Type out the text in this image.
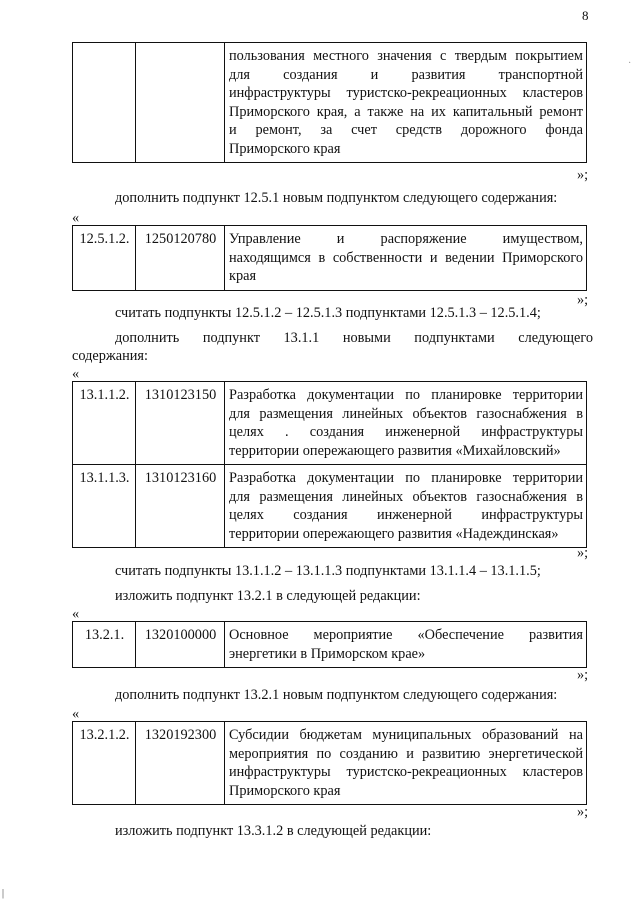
8

пользования местного значения с твердым покрытием
для создания и развития транспортной
инфраструктуры туристско-рекреационных кластеров
Приморского края, а также на их капитальный ремонт
и ремонт, за счет средств дорожного фонда
Приморского края
»;
дополнить подпункт 12.5.1 новым подпунктом следующего содержания:
«
12.5.1.2.	1250120780	Управление и распоряжение имуществом,
находящимся в собственности и ведении Приморского
края
»;
считать подпункты 12.5.1.2 – 12.5.1.3 подпунктами 12.5.1.3 – 12.5.1.4;
дополнить подпункт 13.1.1 новыми подпунктами следующего
содержания:
«
13.1.1.2.	1310123150	Разработка документации по планировке территории
для размещения линейных объектов газоснабжения в
целях . создания инженерной инфраструктуры
территории опережающего развития «Михайловский»

13.1.1.3.	1310123160	Разработка документации по планировке территории
для размещения линейных объектов газоснабжения в
целях создания инженерной инфраструктуры
территории опережающего развития «Надеждинская»
»;
считать подпункты 13.1.1.2 – 13.1.1.3 подпунктами 13.1.1.4 – 13.1.1.5;
изложить подпункт 13.2.1 в следующей редакции:
«
13.2.1.	1320100000	Основное мероприятие «Обеспечение развития
энергетики в Приморском крае»
»;
дополнить подпункт 13.2.1 новым подпунктом следующего содержания:
«
13.2.1.2.	1320192300	Субсидии бюджетам муниципальных образований на
мероприятия по созданию и развитию энергетической
инфраструктуры туристско-рекреационных кластеров
Приморского края
»;
изложить подпункт 13.3.1.2 в следующей редакции:
·
|
